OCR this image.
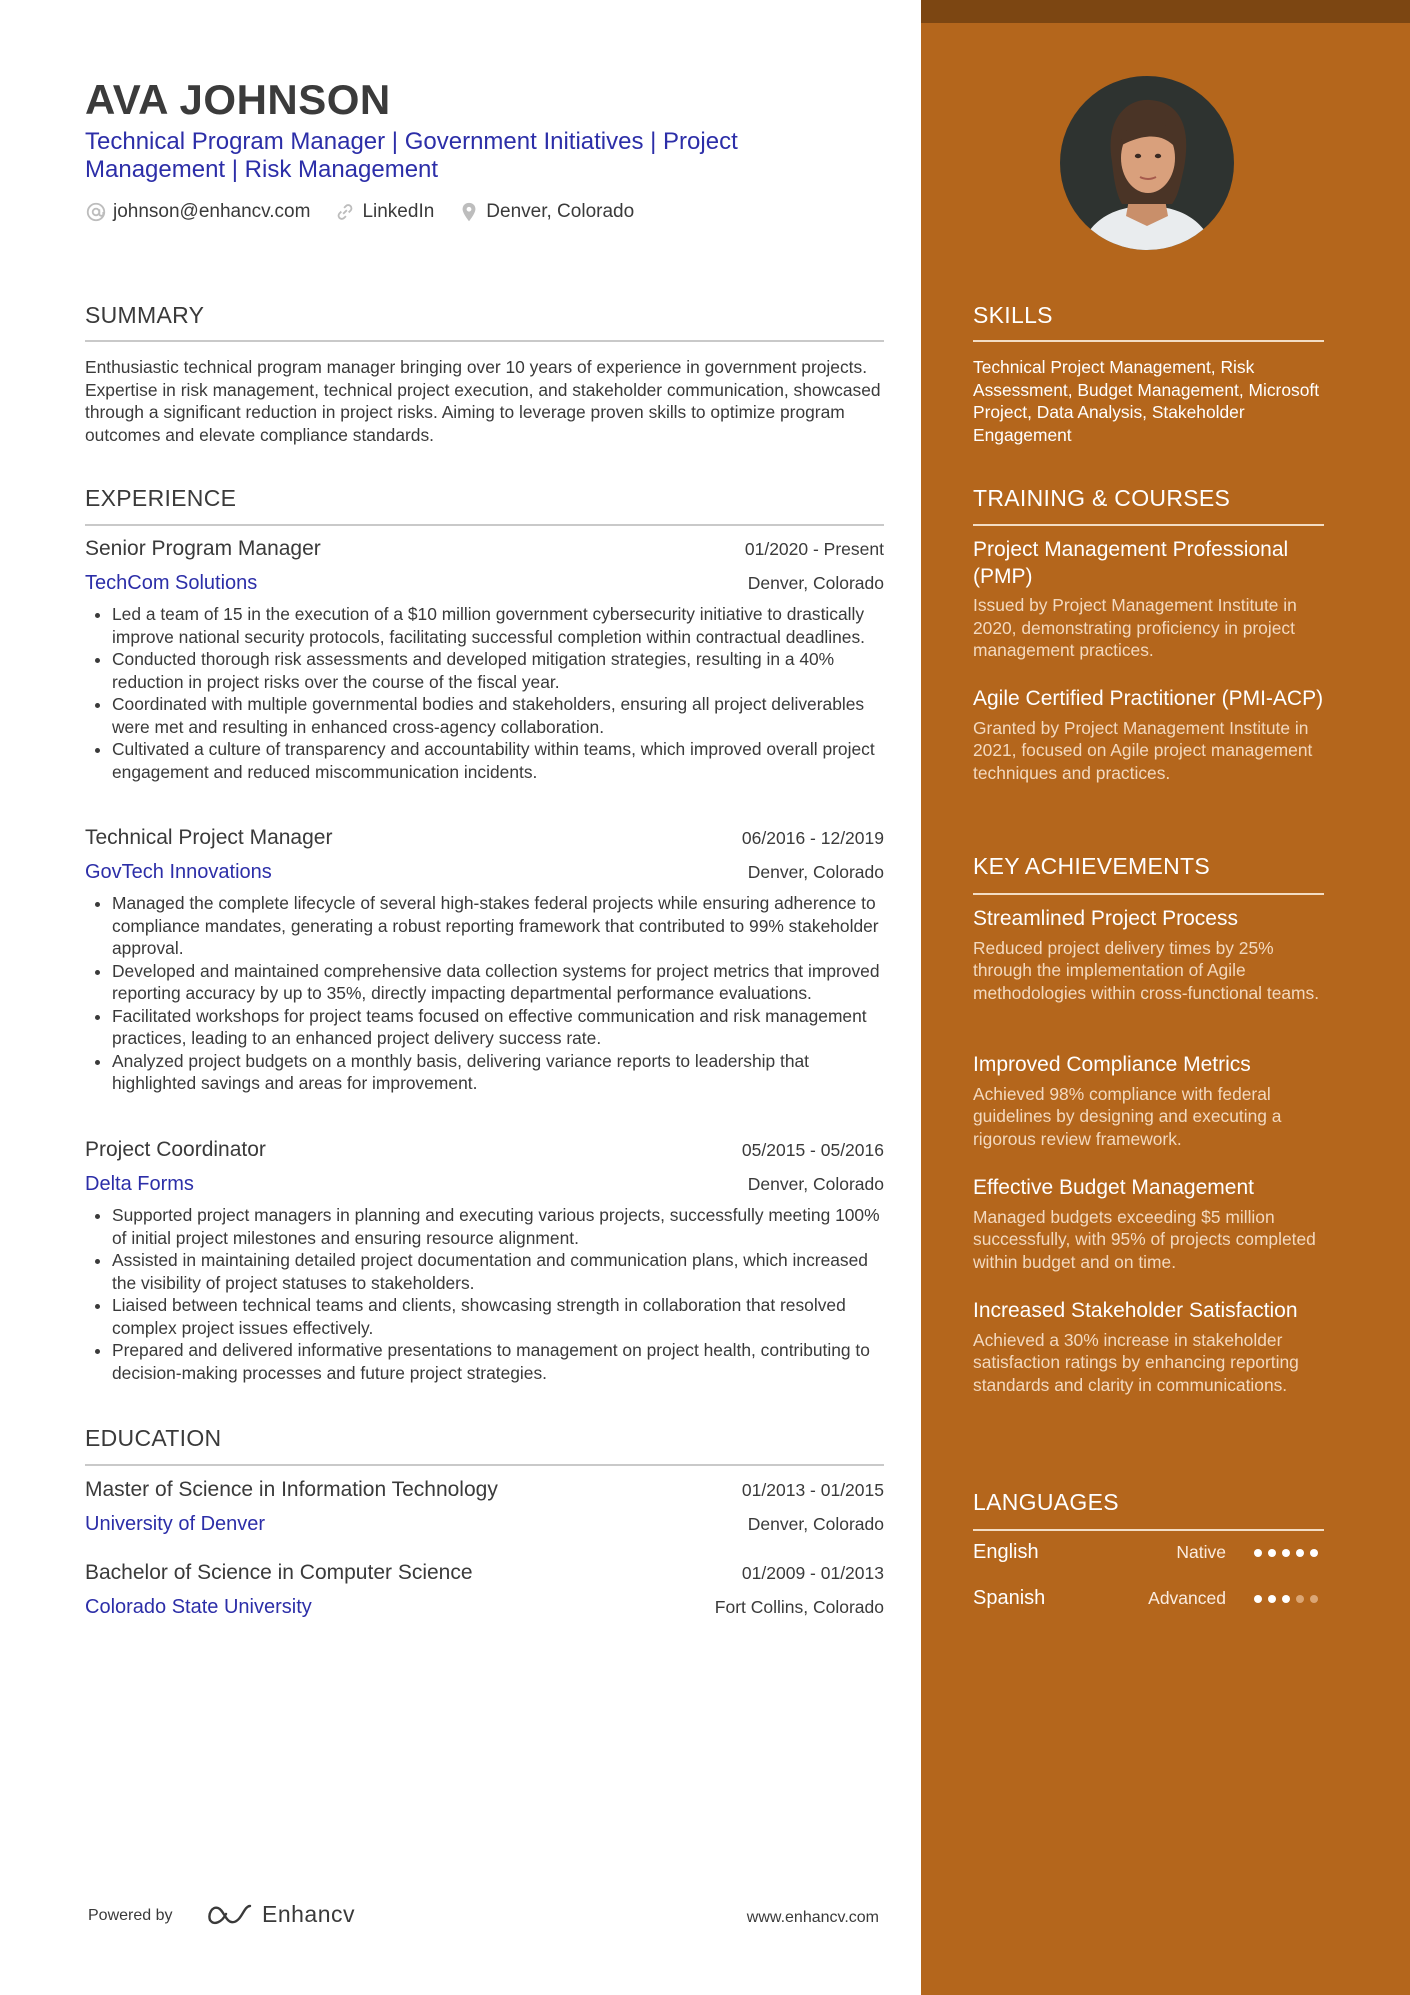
AVA JOHNSON
Technical Program Manager | Government Initiatives | Project Management | Risk Management
johnson@enhancv.com	LinkedIn	Denver, Colorado
SUMMARY
Enthusiastic technical program manager bringing over 10 years of experience in government projects. Expertise in risk management, technical project execution, and stakeholder communication, showcased through a significant reduction in project risks. Aiming to leverage proven skills to optimize program outcomes and elevate compliance standards.
EXPERIENCE
Senior Program Manager	01/2020 - Present
TechCom Solutions	Denver, Colorado
• Led a team of 15 in the execution of a $10 million government cybersecurity initiative to drastically improve national security protocols, facilitating successful completion within contractual deadlines.
• Conducted thorough risk assessments and developed mitigation strategies, resulting in a 40% reduction in project risks over the course of the fiscal year.
• Coordinated with multiple governmental bodies and stakeholders, ensuring all project deliverables were met and resulting in enhanced cross-agency collaboration.
• Cultivated a culture of transparency and accountability within teams, which improved overall project engagement and reduced miscommunication incidents.
Technical Project Manager	06/2016 - 12/2019
GovTech Innovations	Denver, Colorado
• Managed the complete lifecycle of several high-stakes federal projects while ensuring adherence to compliance mandates, generating a robust reporting framework that contributed to 99% stakeholder approval.
• Developed and maintained comprehensive data collection systems for project metrics that improved reporting accuracy by up to 35%, directly impacting departmental performance evaluations.
• Facilitated workshops for project teams focused on effective communication and risk management practices, leading to an enhanced project delivery success rate.
• Analyzed project budgets on a monthly basis, delivering variance reports to leadership that highlighted savings and areas for improvement.
Project Coordinator	05/2015 - 05/2016
Delta Forms	Denver, Colorado
• Supported project managers in planning and executing various projects, successfully meeting 100% of initial project milestones and ensuring resource alignment.
• Assisted in maintaining detailed project documentation and communication plans, which increased the visibility of project statuses to stakeholders.
• Liaised between technical teams and clients, showcasing strength in collaboration that resolved complex project issues effectively.
• Prepared and delivered informative presentations to management on project health, contributing to decision-making processes and future project strategies.
EDUCATION
Master of Science in Information Technology	01/2013 - 01/2015
University of Denver	Denver, Colorado
Bachelor of Science in Computer Science	01/2009 - 01/2013
Colorado State University	Fort Collins, Colorado
Powered by	Enhancv	www.enhancv.com
SKILLS
Technical Project Management, Risk Assessment, Budget Management, Microsoft Project, Data Analysis, Stakeholder Engagement
TRAINING & COURSES
Project Management Professional (PMP)
Issued by Project Management Institute in 2020, demonstrating proficiency in project management practices.
Agile Certified Practitioner (PMI-ACP)
Granted by Project Management Institute in 2021, focused on Agile project management techniques and practices.
KEY ACHIEVEMENTS
Streamlined Project Process
Reduced project delivery times by 25% through the implementation of Agile methodologies within cross-functional teams.
Improved Compliance Metrics
Achieved 98% compliance with federal guidelines by designing and executing a rigorous review framework.
Effective Budget Management
Managed budgets exceeding $5 million successfully, with 95% of projects completed within budget and on time.
Increased Stakeholder Satisfaction
Achieved a 30% increase in stakeholder satisfaction ratings by enhancing reporting standards and clarity in communications.
LANGUAGES
English	Native
Spanish	Advanced
